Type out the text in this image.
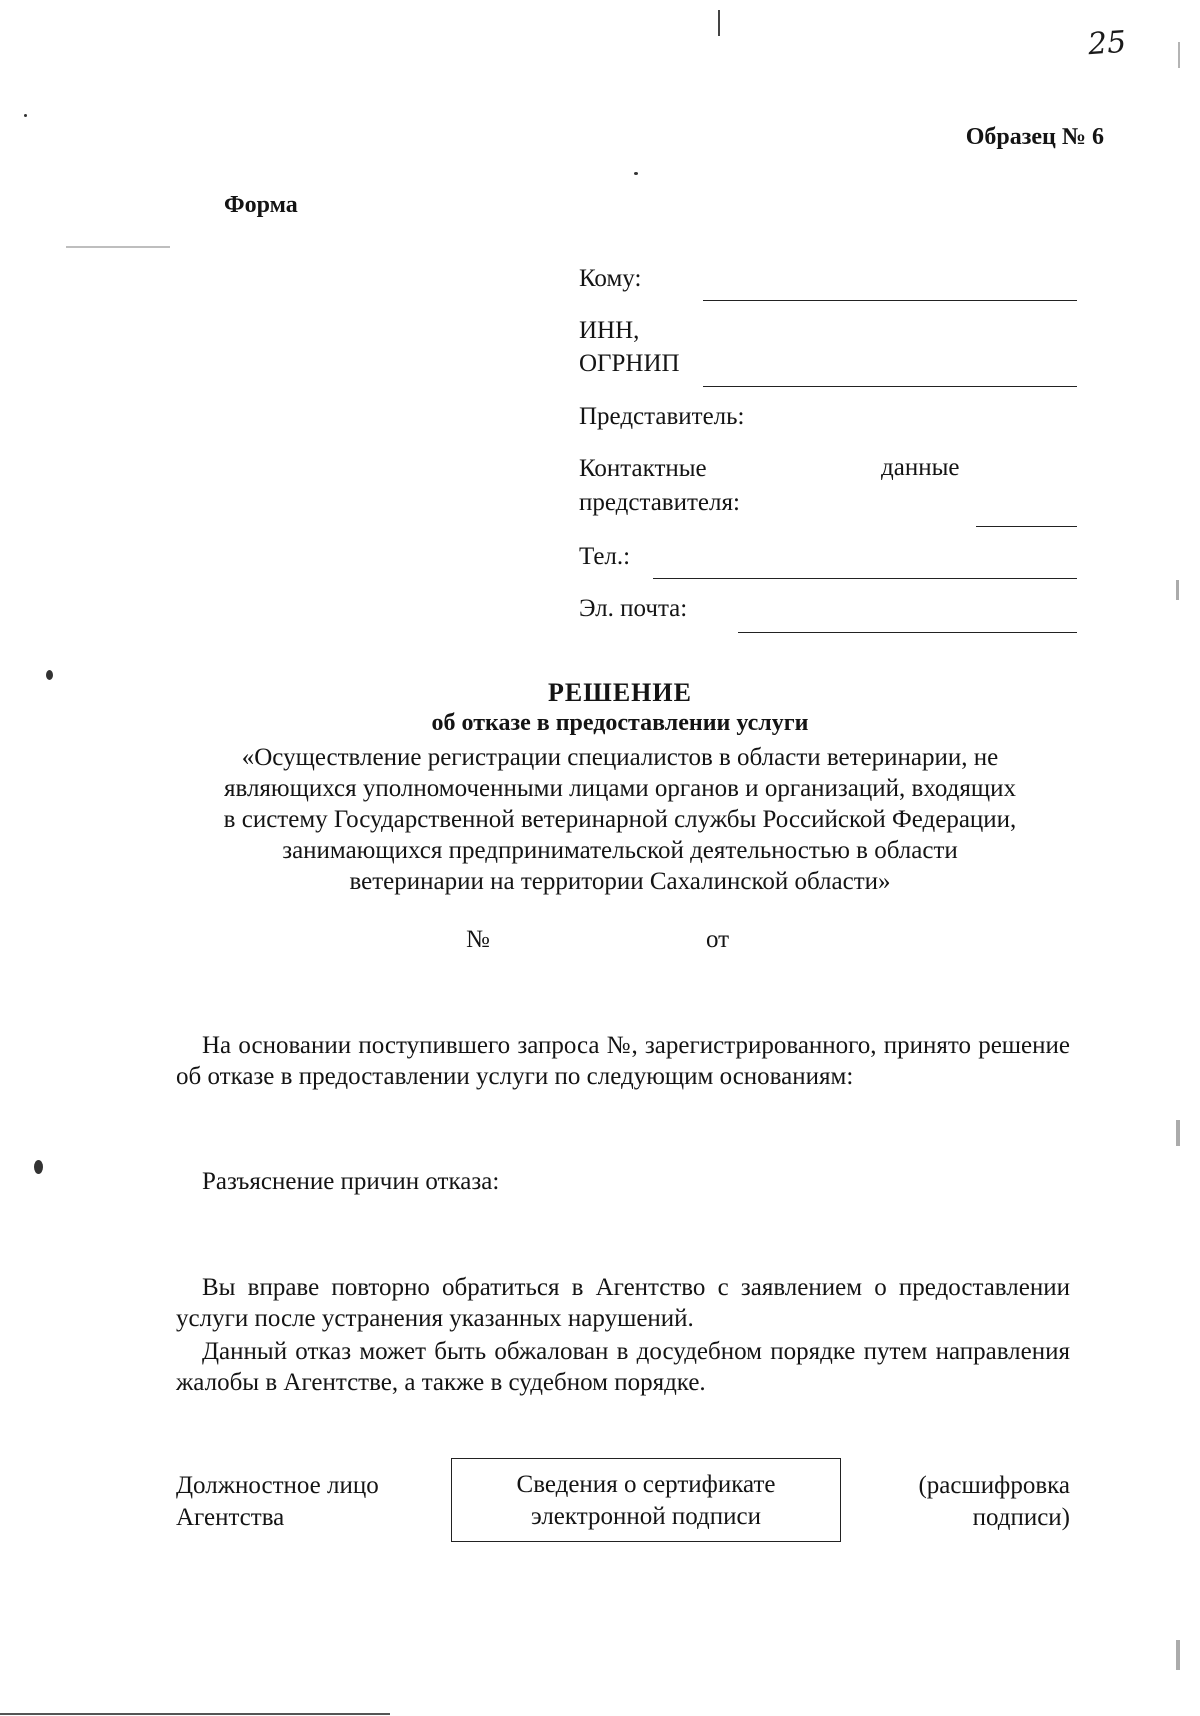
25
Образец № 6
Форма
Кому:
ИНН,
ОГРНИП
Представитель:
Контактные	данные
представителя:
Тел.:
Эл. почта:
РЕШЕНИЕ
об отказе в предоставлении услуги
«Осуществление регистрации специалистов в области ветеринарии, не
являющихся уполномоченными лицами органов и организаций, входящих
в систему Государственной ветеринарной службы Российской Федерации,
занимающихся предпринимательской деятельностью в области
ветеринарии на территории Сахалинской области»
№	от
На основании поступившего запроса №, зарегистрированного, принято решение об отказе в предоставлении услуги по следующим основаниям:
Разъяснение причин отказа:
Вы вправе повторно обратиться в Агентство с заявлением о предоставлении услуги после устранения указанных нарушений.
Данный отказ может быть обжалован в досудебном порядке путем направления жалобы в Агентстве, а также в судебном порядке.
Должностное лицо
Агентства
Сведения о сертификате
электронной подписи
(расшифровка
подписи)
